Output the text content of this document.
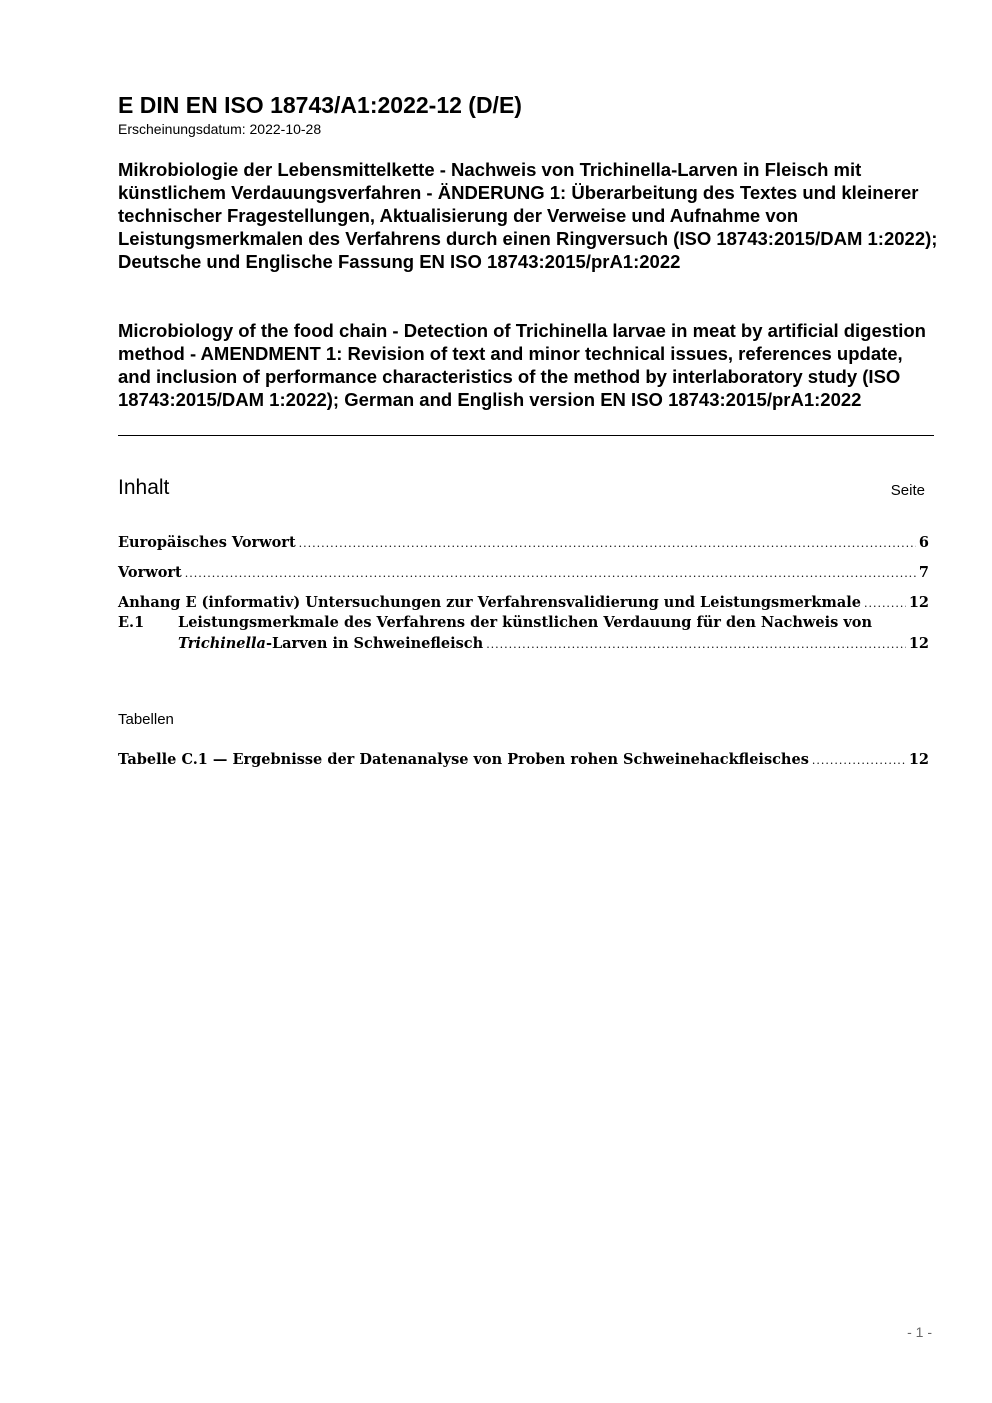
E DIN EN ISO 18743/A1:2022-12 (D/E)
Erscheinungsdatum: 2022-10-28
Mikrobiologie der Lebensmittelkette - Nachweis von Trichinella-Larven in Fleisch mit künstlichem Verdauungsverfahren - ÄNDERUNG 1: Überarbeitung des Textes und kleinerer technischer Fragestellungen, Aktualisierung der Verweise und Aufnahme von Leistungsmerkmalen des Verfahrens durch einen Ringversuch (ISO 18743:2015/DAM 1:2022); Deutsche und Englische Fassung EN ISO 18743:2015/prA1:2022
Microbiology of the food chain - Detection of Trichinella larvae in meat by artificial digestion method - AMENDMENT 1: Revision of text and minor technical issues, references update, and inclusion of performance characteristics of the method by interlaboratory study (ISO 18743:2015/DAM 1:2022); German and English version EN ISO 18743:2015/prA1:2022
Inhalt	Seite
Europäisches Vorwort .....	6
Vorwort .....	7
Anhang E (informativ) Untersuchungen zur Verfahrensvalidierung und Leistungsmerkmale .....	12
E.1 Leistungsmerkmale des Verfahrens der künstlichen Verdauung für den Nachweis von
Trichinella-Larven in Schweinefleisch .....	12
Tabellen
Tabelle C.1 — Ergebnisse der Datenanalyse von Proben rohen Schweinehackfleisches .....	12
- 1 -
